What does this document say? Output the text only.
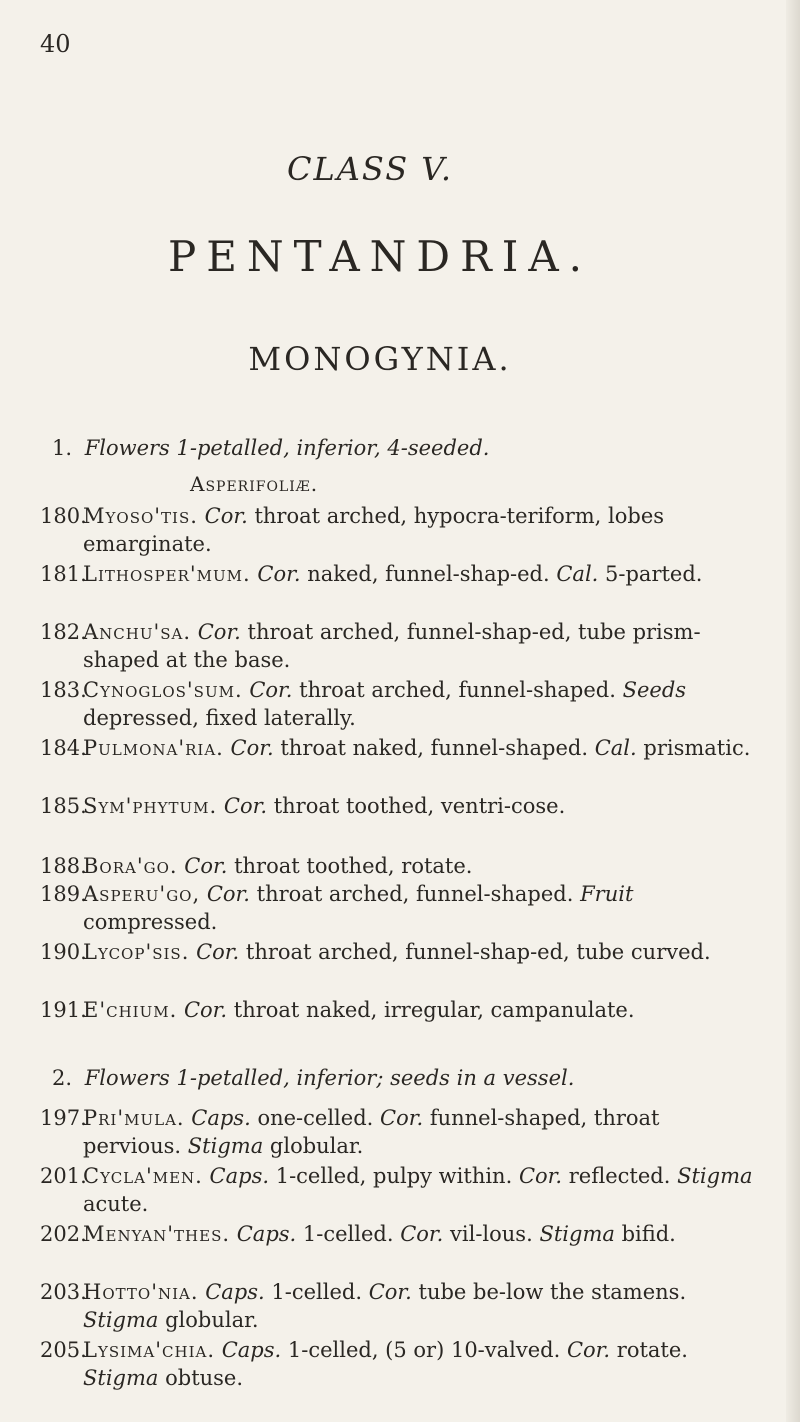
40
CLASS V.
PENTANDRIA.
MONOGYNIA.
1. Flowers 1-petalled, inferior, 4-seeded.
Asperifoliæ.
180.
Myoso'tis. Cor. throat arched, hypocra-teriform, lobes emarginate.
181.
Lithosper'mum. Cor. naked, funnel-shap-ed. Cal. 5-parted.
182.
Anchu'sa. Cor. throat arched, funnel-shap-ed, tube prism-shaped at the base.
183.
Cynoglos'sum. Cor. throat arched, funnel-shaped. Seeds depressed, fixed laterally.
184.
Pulmona'ria. Cor. throat naked, funnel-shaped. Cal. prismatic.
185.
Sym'phytum. Cor. throat toothed, ventri-cose.
188.
Bora'go. Cor. throat toothed, rotate.
189.
Asperu'go, Cor. throat arched, funnel-shaped. Fruit compressed.
190.
Lycop'sis. Cor. throat arched, funnel-shap-ed, tube curved.
191.
E'chium. Cor. throat naked, irregular, campanulate.
2. Flowers 1-petalled, inferior; seeds in a vessel.
197.
Pri'mula. Caps. one-celled. Cor. funnel-shaped, throat pervious. Stigma globular.
201.
Cycla'men. Caps. 1-celled, pulpy within. Cor. reflected. Stigma acute.
202.
Menyan'thes. Caps. 1-celled. Cor. vil-lous. Stigma bifid.
203.
Hotto'nia. Caps. 1-celled. Cor. tube be-low the stamens. Stigma globular.
205.
Lysima'chia. Caps. 1-celled, (5 or) 10-valved. Cor. rotate. Stigma obtuse.
